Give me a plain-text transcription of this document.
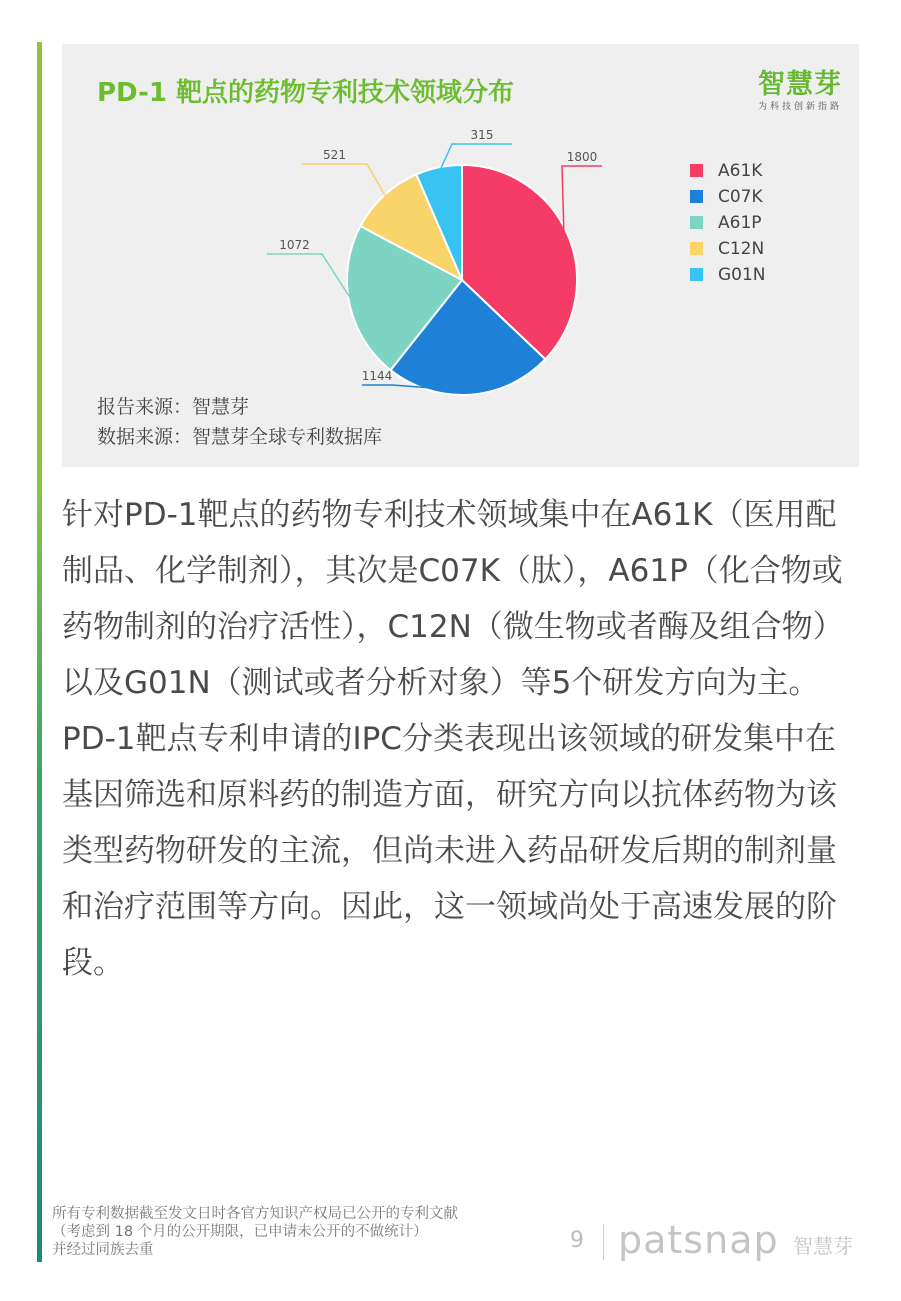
PD-1 靶点的药物专利技术领域分布	智慧芽
为科技创新指路
1800
1144
1072
521
315
A61K
C07K
A61P
C12N
G01N
报告来源：智慧芽
数据来源：智慧芽全球专利数据库

针对PD-1靶点的药物专利技术领域集中在A61K（医用配制品、化学制剂），其次是C07K（肽），A61P（化合物或药物制剂的治疗活性），C12N（微生物或者酶及组合物）以及G01N（测试或者分析对象）等5个研发方向为主。

PD-1靶点专利申请的IPC分类表现出该领域的研发集中在基因筛选和原料药的制造方面，研究方向以抗体药物为该类型药物研发的主流，但尚未进入药品研发后期的制剂量和治疗范围等方向。因此，这一领域尚处于高速发展的阶段。

所有专利数据截至发文日时各官方知识产权局已公开的专利文献
（考虑到 18 个月的公开期限，已申请未公开的不做统计）
并经过同族去重	9 patsnap 智慧芽
